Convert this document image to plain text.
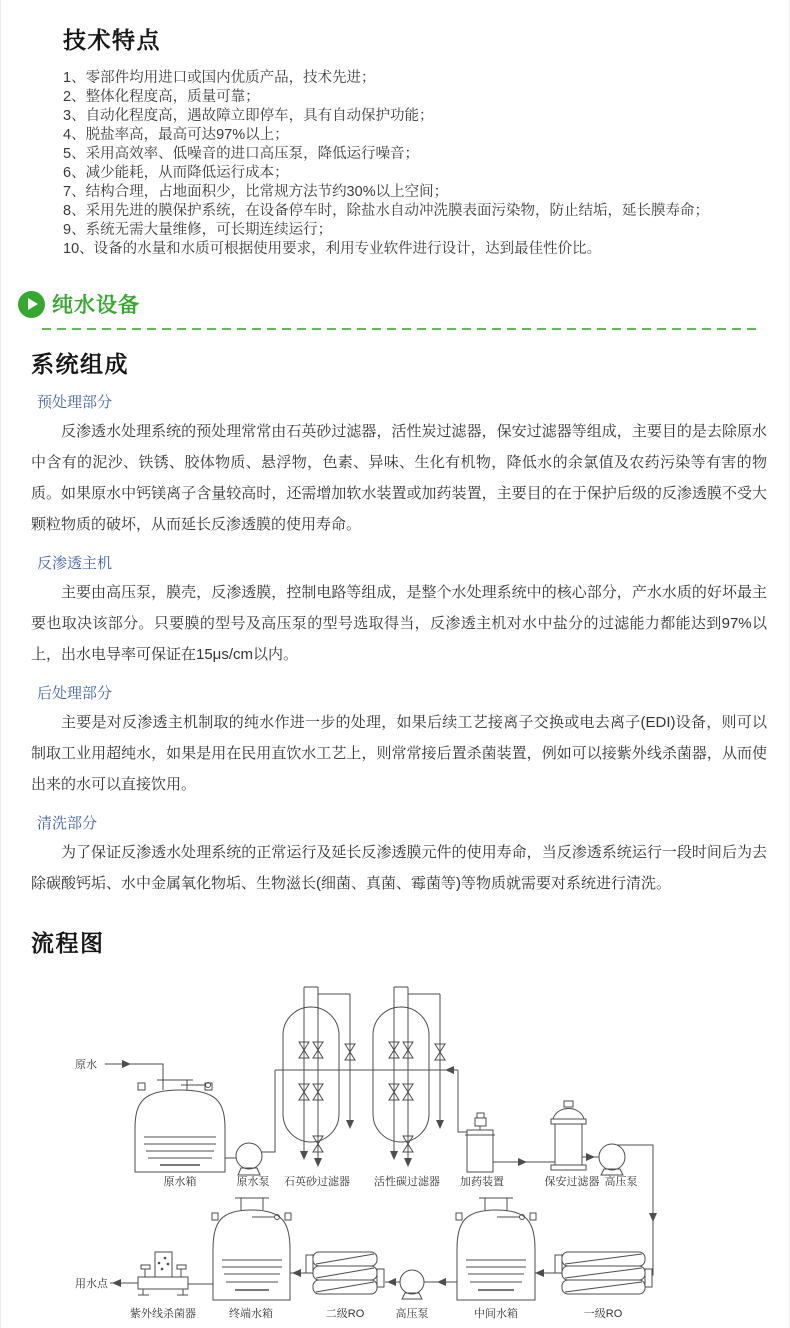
技术特点
1、零部件均用进口或国内优质产品，技术先进；
2、整体化程度高，质量可靠；
3、自动化程度高，遇故障立即停车，具有自动保护功能；
4、脱盐率高，最高可达97%以上；
5、采用高效率、低噪音的进口高压泵，降低运行噪音；
6、减少能耗，从而降低运行成本；
7、结构合理，占地面积少，比常规方法节约30%以上空间；
8、采用先进的膜保护系统，在设备停车时，除盐水自动冲洗膜表面污染物，防止结垢，延长膜寿命；
9、系统无需大量维修，可长期连续运行；
10、设备的水量和水质可根据使用要求，利用专业软件进行设计，达到最佳性价比。
纯水设备
系统组成
预处理部分

反渗透水处理系统的预处理常常由石英砂过滤器，活性炭过滤器，保安过滤器等组成，主要目的是去除原水中含有的泥沙、铁锈、胶体物质、悬浮物，色素、异味、生化有机物，降低水的余氯值及农药污染等有害的物质。如果原水中钙镁离子含量较高时，还需增加软水装置或加药装置，主要目的在于保护后级的反渗透膜不受大颗粒物质的破坏，从而延长反渗透膜的使用寿命。

反渗透主机

主要由高压泵，膜壳，反渗透膜，控制电路等组成，是整个水处理系统中的核心部分，产水水质的好坏最主要也取决该部分。只要膜的型号及高压泵的型号选取得当，反渗透主机对水中盐分的过滤能力都能达到97%以上，出水电导率可保证在15μs/cm以内。

后处理部分

主要是对反渗透主机制取的纯水作进一步的处理，如果后续工艺接离子交换或电去离子(EDI)设备，则可以制取工业用超纯水，如果是用在民用直饮水工艺上，则常常接后置杀菌装置，例如可以接紫外线杀菌器，从而使出来的水可以直接饮用。

清洗部分

为了保证反渗透水处理系统的正常运行及延长反渗透膜元件的使用寿命，当反渗透系统运行一段时间后为去除碳酸钙垢、水中金属氧化物垢、生物滋长(细菌、真菌、霉菌等)等物质就需要对系统进行清洗。

流程图
原水
原水箱	原水泵 石英砂过滤器 活性碳过滤器 加药装置	保安过滤器 高压泵
一级RO
中间水箱
高压泵
二级RO
终端水箱
用水点
紫外线杀菌器
